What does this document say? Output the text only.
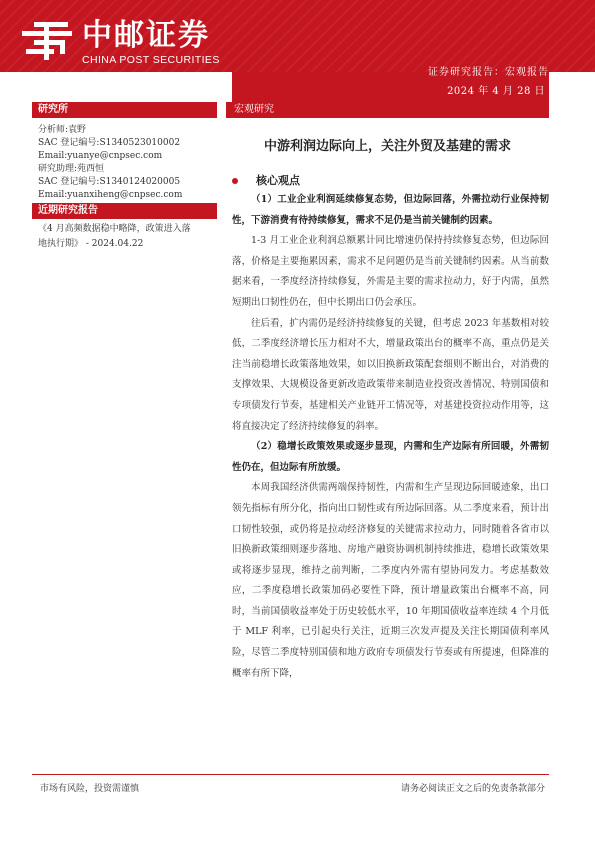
中邮证券
CHINA POST SECURITIES
证券研究报告：宏观报告
2024 年 4 月 28 日
研究所
分析师:袁野
SAC 登记编号:S1340523010002
Email:yuanye@cnpsec.com
研究助理:苑西恒
SAC 登记编号:S1340124020005
Email:yuanxiheng@cnpsec.com
近期研究报告
《4 月高频数据稳中略降，政策进入落
地执行期》 - 2024.04.22
宏观研究
中游利润边际向上，关注外贸及基建的需求
核心观点

（1）工业企业利润延续修复态势，但边际回落，外需拉动行业保持韧性，下游消费有待持续修复，需求不足仍是当前关键制约因素。

1-3 月工业企业利润总额累计同比增速仍保持持续修复态势，但边际回落，价格是主要拖累因素，需求不足问题仍是当前关键制约因素。从当前数据来看，一季度经济持续修复，外需是主要的需求拉动力，好于内需，虽然短期出口韧性仍在，但中长期出口仍会承压。

往后看，扩内需仍是经济持续修复的关键，但考虑 2023 年基数相对较低，二季度经济增长压力相对不大，增量政策出台的概率不高，重点仍是关注当前稳增长政策落地效果，如以旧换新政策配套细则不断出台，对消费的支撑效果、大规模设备更新改造政策带来制造业投资改善情况、特别国债和专项债发行节奏，基建相关产业链开工情况等，对基建投资拉动作用等，这将直接决定了经济持续修复的斜率。

（2）稳增长政策效果或逐步显现，内需和生产边际有所回暖，外需韧性仍在，但边际有所放缓。

本周我国经济供需两端保持韧性，内需和生产呈现边际回暖迹象，出口领先指标有所分化，指向出口韧性或有所边际回落。从二季度来看，预计出口韧性较强，或仍将是拉动经济修复的关键需求拉动力，同时随着各省市以旧换新政策细则逐步落地、房地产融资协调机制持续推进，稳增长政策效果或将逐步显现，维持之前判断，二季度内外需有望协同发力。考虑基数效应，二季度稳增长政策加码必要性下降，预计增量政策出台概率不高，同时，当前国债收益率处于历史较低水平，10 年期国债收益率连续 4 个月低于 MLF 利率，已引起央行关注，近期三次发声提及关注长期国债利率风险，尽管二季度特别国债和地方政府专项债发行节奏或有所提速，但降准的概率有所下降，

市场有风险，投资需谨慎	请务必阅读正文之后的免责条款部分
